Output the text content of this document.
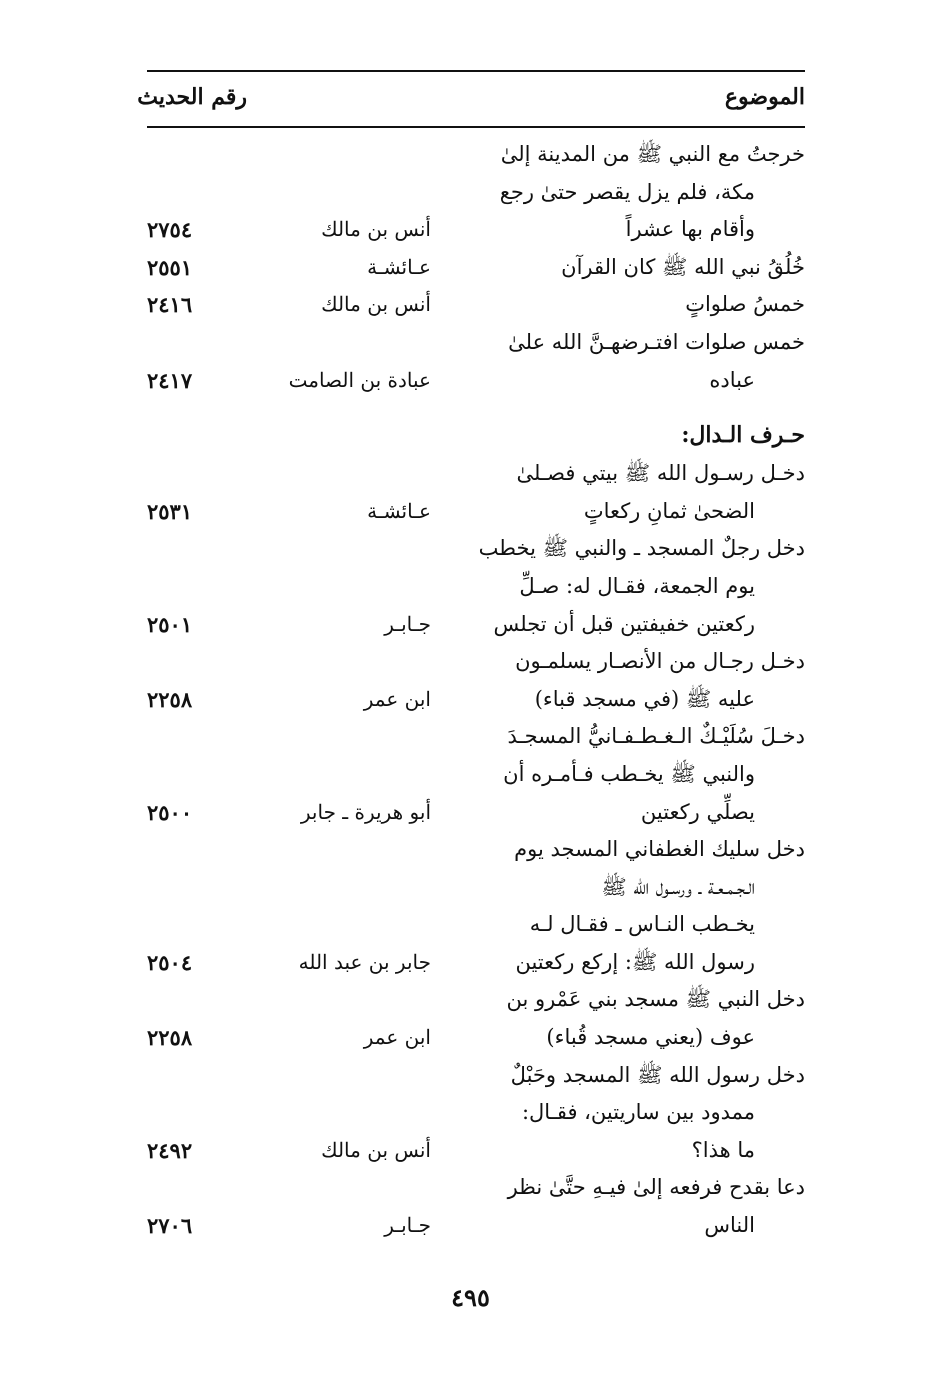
الموضوع
رقم الحديث
خرجتُ مع النبي ﷺ من المدينة إلىٰ
مكة، فلم يزل يقصر حتىٰ رجع
وأقام بها عشراً
أنس بن مالك
٢٧٥٤
خُلُقُ نبي الله ﷺ كان القرآن
عـائشـة
٢٥٥١
خمسُ صلواتٍ
أنس بن مالك
٢٤١٦
خمس صلوات افتـرضهـنَّ الله علىٰ
عباده
عبادة بن الصامت
٢٤١٧
حـرف الـدال:
دخـل رسـول الله ﷺ بيتي فصـلىٰ
الضحىٰ ثمانِ ركعاتٍ
عـائشـة
٢٥٣١
دخل رجلٌ المسجد ـ والنبي ﷺ يخطب
يوم الجمعة، فقـال له: صـلِّ
ركعتين خفيفتين قبل أن تجلس
جـابـر
٢٥٠١
دخـل رجـال من الأنصـار يسلمـون
عليه ﷺ (في مسجد قباء)
ابن عمر
٢٢٥٨
دخـلَ سُلَيْـكٌ الـغـطـفـانيُّ المسجـدَ
والنبي ﷺ يخـطب فـأمـره أن
يصلِّي ركعتين
أبو هريرة ـ جابر
٢٥٠٠
دخل سليك الغطفاني المسجد يوم
الـجـمـعـة ـ ورسـول الله ﷺ
يخـطب النـاس ـ فقـال لـه
رسول الله ﷺ: إركع ركعتين
جابر بن عبد الله
٢٥٠٤
دخل النبي ﷺ مسجد بني عَمْرو بن
عوف (يعني مسجد قُباء)
ابن عمر
٢٢٥٨
دخل رسول الله ﷺ المسجد وحَبْلٌ
ممدود بين ساريتين، فقـال:
ما هذا؟
أنس بن مالك
٢٤٩٢
دعا بقدح فرفعه إلىٰ فيـهِ حتَّىٰ نظر
الناس
جـابـر
٢٧٠٦
٤٩٥
